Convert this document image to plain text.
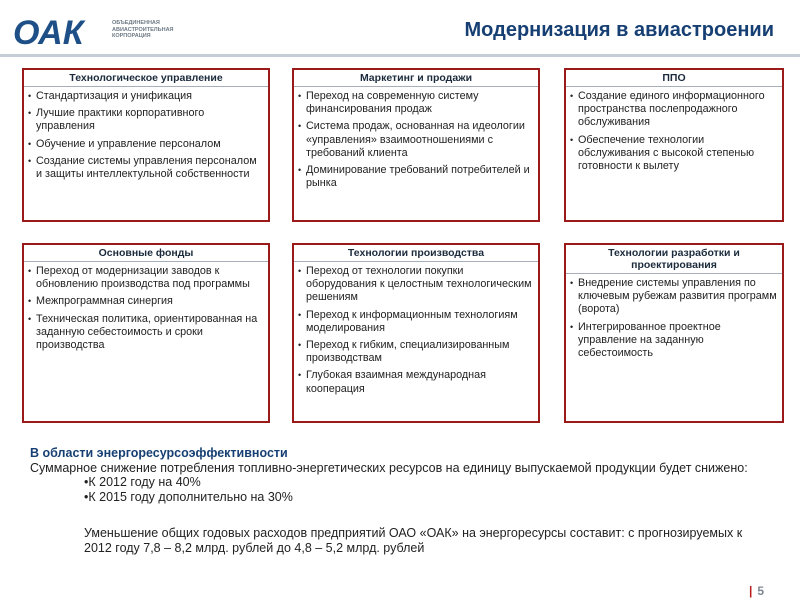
ОАК	ОБЪЕДИНЕННАЯ
АВИАСТРОИТЕЛЬНАЯ
КОРПОРАЦИЯ	Модернизация в авиастроении
Технологическое управление
• Стандартизация и унификация
• Лучшие практики корпоративного управления
• Обучение и управление персоналом
• Создание системы управления персоналом и защиты интеллектульной собственности
Маркетинг и продажи
• Переход на современную систему финансирования продаж
• Система продаж, основанная на идеологии «управления» взаимоотношениями с требований клиента
• Доминирование требований потребителей и рынка
ППО
• Создание единого информационного пространства послепродажного обслуживания
• Обеспечение технологии обслуживания с высокой степенью готовности к вылету
Основные фонды
• Переход от модернизации заводов к обновлению производства под программы
• Межпрограммная синергия
• Техническая политика, ориентированная на заданную себестоимость и сроки производства
Технологии производства
• Переход от технологии покупки оборудования к целостным технологическим решениям
• Переход к информационным технологиям моделирования
• Переход к гибким, специализированным производствам
• Глубокая взаимная международная кооперация
Технологии разработки и проектирования
• Внедрение системы управления по ключевым рубежам развития программ (ворота)
• Интегрированное проектное управление на заданную себестоимость
В области энергоресурсоэффективности
Суммарное снижение потребления топливно-энергетических ресурсов на единицу выпускаемой продукции будет снижено:
• К 2012 году на 40%
• К 2015 году дополнительно на 30%
Уменьшение общих годовых расходов предприятий ОАО «ОАК» на энергоресурсы составит: с прогнозируемых к 2012 году 7,8 – 8,2 млрд. рублей до 4,8 – 5,2 млрд. рублей
| 5
